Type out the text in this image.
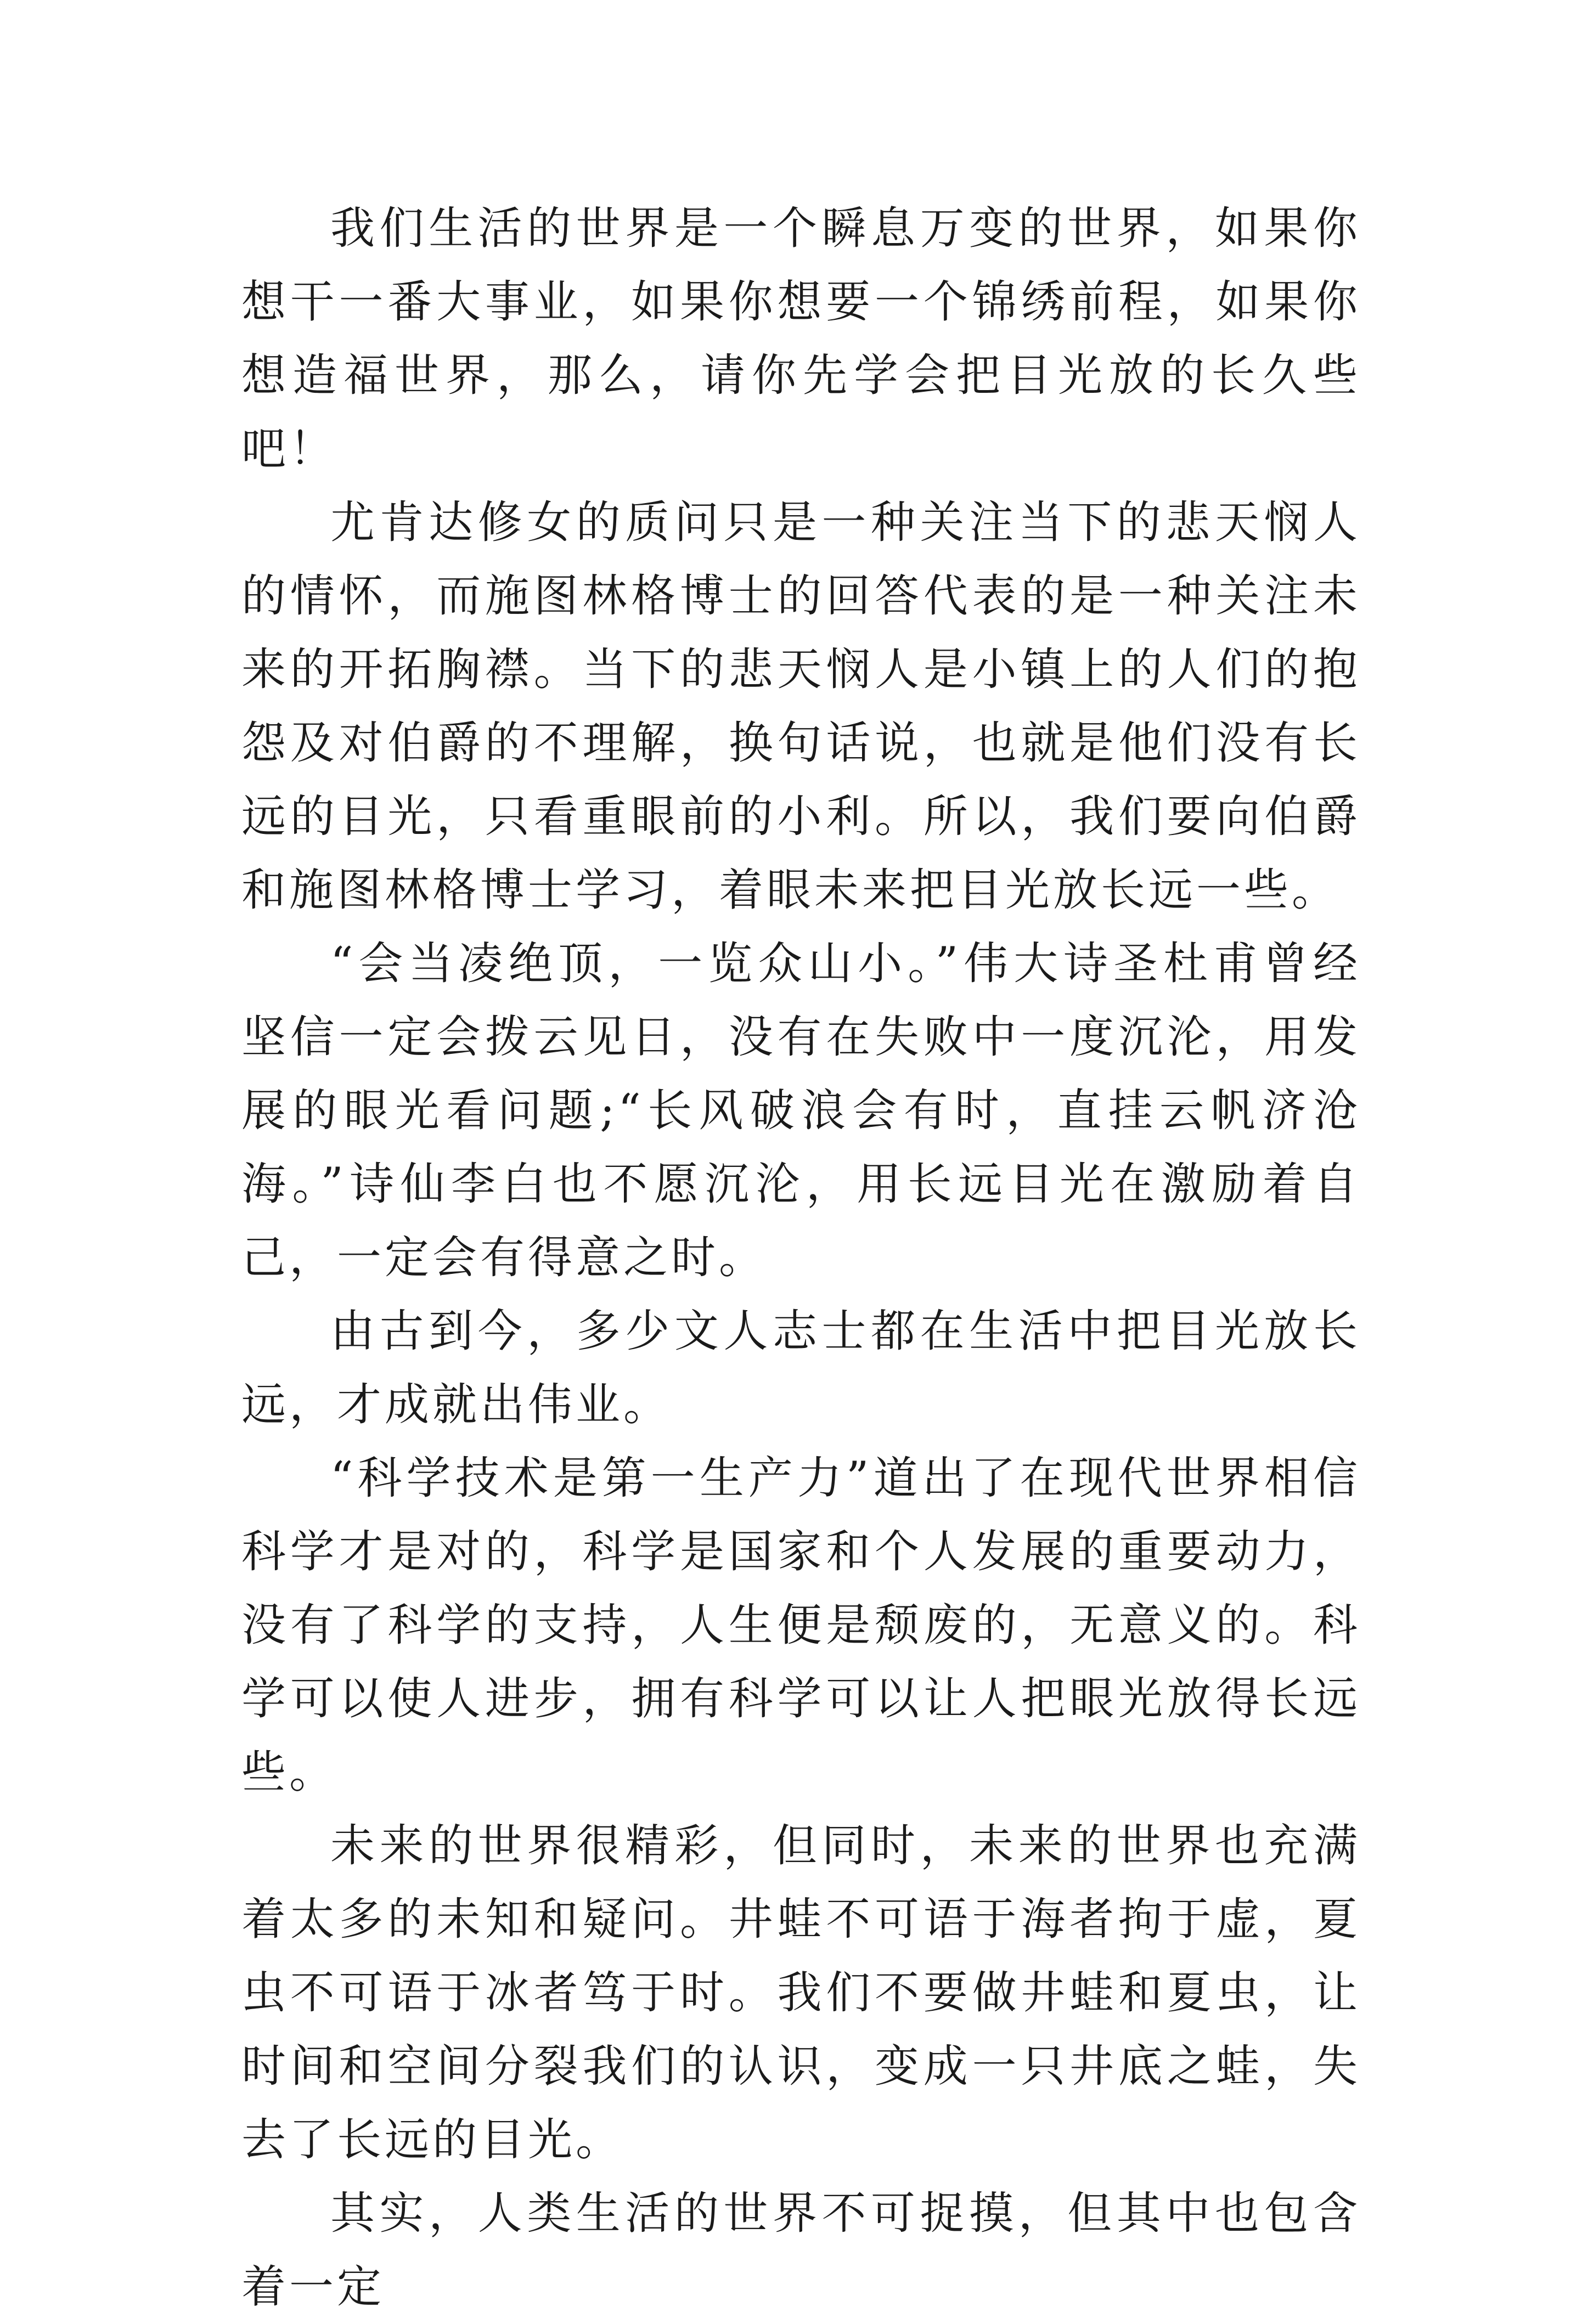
我们生活的世界是一个瞬息万变的世界，如果你想干一番大事业，如果你想要一个锦绣前程，如果你想造福世界，那么，请你先学会把目光放的长久些吧！

尤肯达修女的质问只是一种关注当下的悲天悯人的情怀，而施图林格博士的回答代表的是一种关注未来的开拓胸襟。当下的悲天悯人是小镇上的人们的抱怨及对伯爵的不理解，换句话说，也就是他们没有长远的目光，只看重眼前的小利。所以，我们要向伯爵和施图林格博士学习，着眼未来把目光放长远一些。

“会当凌绝顶，一览众山小。”伟大诗圣杜甫曾经坚信一定会拨云见日，没有在失败中一度沉沦，用发展的眼光看问题;“长风破浪会有时，直挂云帆济沧海。”诗仙李白也不愿沉沦，用长远目光在激励着自己，一定会有得意之时。

由古到今，多少文人志士都在生活中把目光放长远，才成就出伟业。

“科学技术是第一生产力”道出了在现代世界相信科学才是对的，科学是国家和个人发展的重要动力，没有了科学的支持，人生便是颓废的，无意义的。科学可以使人进步，拥有科学可以让人把眼光放得长远些。

未来的世界很精彩，但同时，未来的世界也充满着太多的未知和疑问。井蛙不可语于海者拘于虚，夏虫不可语于冰者笃于时。我们不要做井蛙和夏虫，让时间和空间分裂我们的认识，变成一只井底之蛙，失去了长远的目光。

其实，人类生活的世界不可捉摸，但其中也包含着一定
